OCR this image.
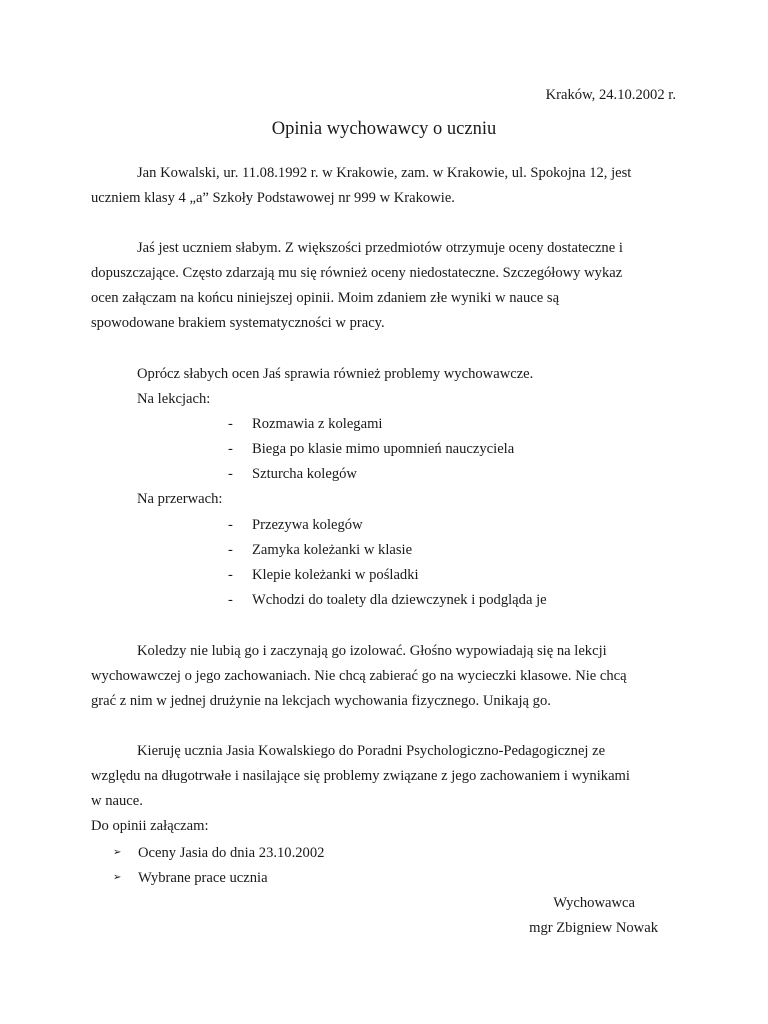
Kraków, 24.10.2002 r.
Opinia wychowawcy o uczniu
Jan Kowalski, ur. 11.08.1992 r. w Krakowie, zam. w Krakowie, ul. Spokojna 12, jest
uczniem klasy 4 „a” Szkoły Podstawowej nr 999 w Krakowie.
Jaś jest uczniem słabym. Z większości przedmiotów otrzymuje oceny dostateczne i
dopuszczające. Często zdarzają mu się również oceny niedostateczne. Szczegółowy wykaz
ocen załączam na końcu niniejszej opinii. Moim zdaniem złe wyniki w nauce są
spowodowane brakiem systematyczności w pracy.
Oprócz słabych ocen Jaś sprawia również problemy wychowawcze.
Na lekcjach:
- Rozmawia z kolegami
- Biega po klasie mimo upomnień nauczyciela
- Szturcha kolegów
Na przerwach:
- Przezywa kolegów
- Zamyka koleżanki w klasie
- Klepie koleżanki w pośladki
- Wchodzi do toalety dla dziewczynek i podgląda je
Koledzy nie lubią go i zaczynają go izolować. Głośno wypowiadają się na lekcji
wychowawczej o jego zachowaniach. Nie chcą zabierać go na wycieczki klasowe. Nie chcą
grać z nim w jednej drużynie na lekcjach wychowania fizycznego. Unikają go.
Kieruję ucznia Jasia Kowalskiego do Poradni Psychologiczno-Pedagogicznej ze
względu na długotrwałe i nasilające się problemy związane z jego zachowaniem i wynikami
w nauce.
Do opinii załączam:
➢ Oceny Jasia do dnia 23.10.2002
➢ Wybrane prace ucznia
Wychowawca
mgr Zbigniew Nowak
